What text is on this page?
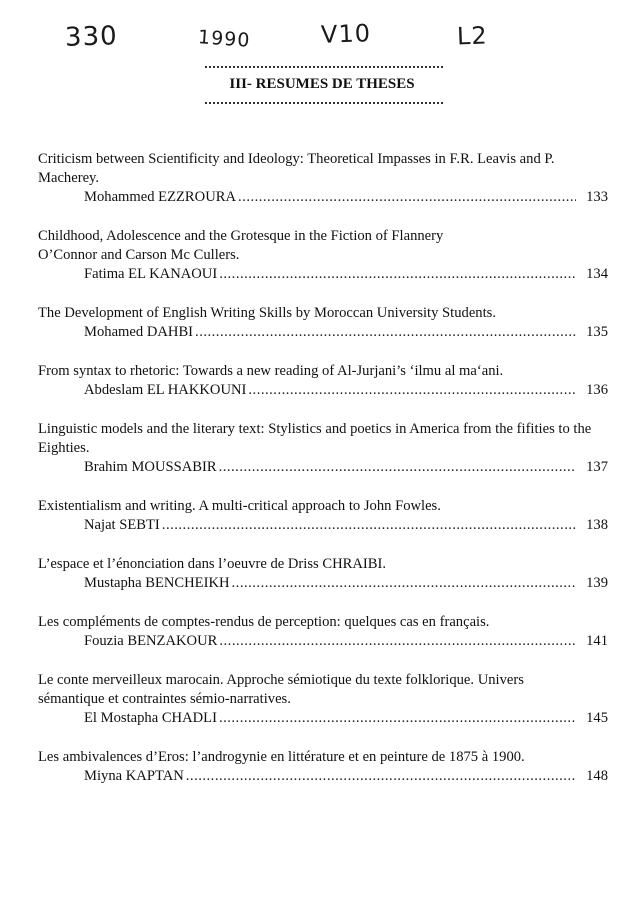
330	1990	V10	L2
III- RESUMES DE THESES
Criticism between Scientificity and Ideology: Theoretical Impasses in F.R. Leavis and P. Macherey.
Mohammed EZZROURA .....	133
Childhood, Adolescence and the Grotesque in the Fiction of Flannery O’Connor and Carson Mc Cullers.
Fatima EL KANAOUI .....	134
The Development of English Writing Skills by Moroccan University Students.
Mohamed DAHBI .....	135
From syntax to rhetoric: Towards a new reading of Al-Jurjani’s ‘ilmu al ma‘ani.
Abdeslam EL HAKKOUNI .....	136
Linguistic models and the literary text: Stylistics and poetics in America from the fifities to the Eighties.
Brahim MOUSSABIR .....	137
Existentialism and writing. A multi-critical approach to John Fowles.
Najat SEBTI .....	138
L’espace et l’énonciation dans l’oeuvre de Driss CHRAIBI.
Mustapha BENCHEIKH .....	139
Les compléments de comptes-rendus de perception: quelques cas en français.
Fouzia BENZAKOUR .....	141
Le conte merveilleux marocain. Approche sémiotique du texte folklorique. Univers sémantique et contraintes sémio-narratives.
El Mostapha CHADLI .....	145
Les ambivalences d’Eros: l’androgynie en littérature et en peinture de 1875 à 1900.
Miyna KAPTAN .....	148
